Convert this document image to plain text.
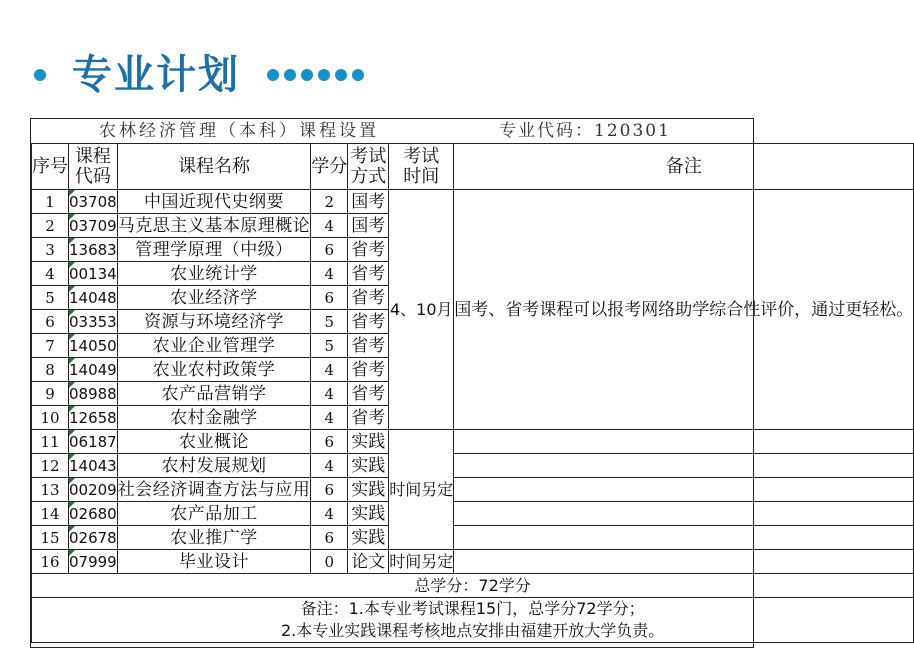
专业计划
农林经济管理（本科）课程设置	专业代码：120301
序号	课程代码	课程名称	学分	考试方式	考试时间	备注
1	03708	中国近现代史纲要	2	国考	4、10月	国考、省考课程可以报考网络助学综合性评价，通过更轻松。
2	03709	马克思主义基本原理概论	4	国考		
3	13683	管理学原理（中级）	6	省考		
4	00134	农业统计学	4	省考		
5	14048	农业经济学	6	省考		
6	03353	资源与环境经济学	5	省考		
7	14050	农业企业管理学	5	省考		
8	14049	农业农村政策学	4	省考		
9	08988	农产品营销学	4	省考		
10	12658	农村金融学	4	省考		
11	06187	农业概论	6	实践	时间另定	
12	14043	农村发展规划	4	实践		
13	00209	社会经济调查方法与应用	6	实践		
14	02680	农产品加工	4	实践		
15	02678	农业推广学	6	实践		
16	07999	毕业设计	0	论文	时间另定	
总学分：72学分						

备注：1.本专业考试课程15门，总学分72学分；
2.本专业实践课程考核地点安排由福建开放大学负责。						
